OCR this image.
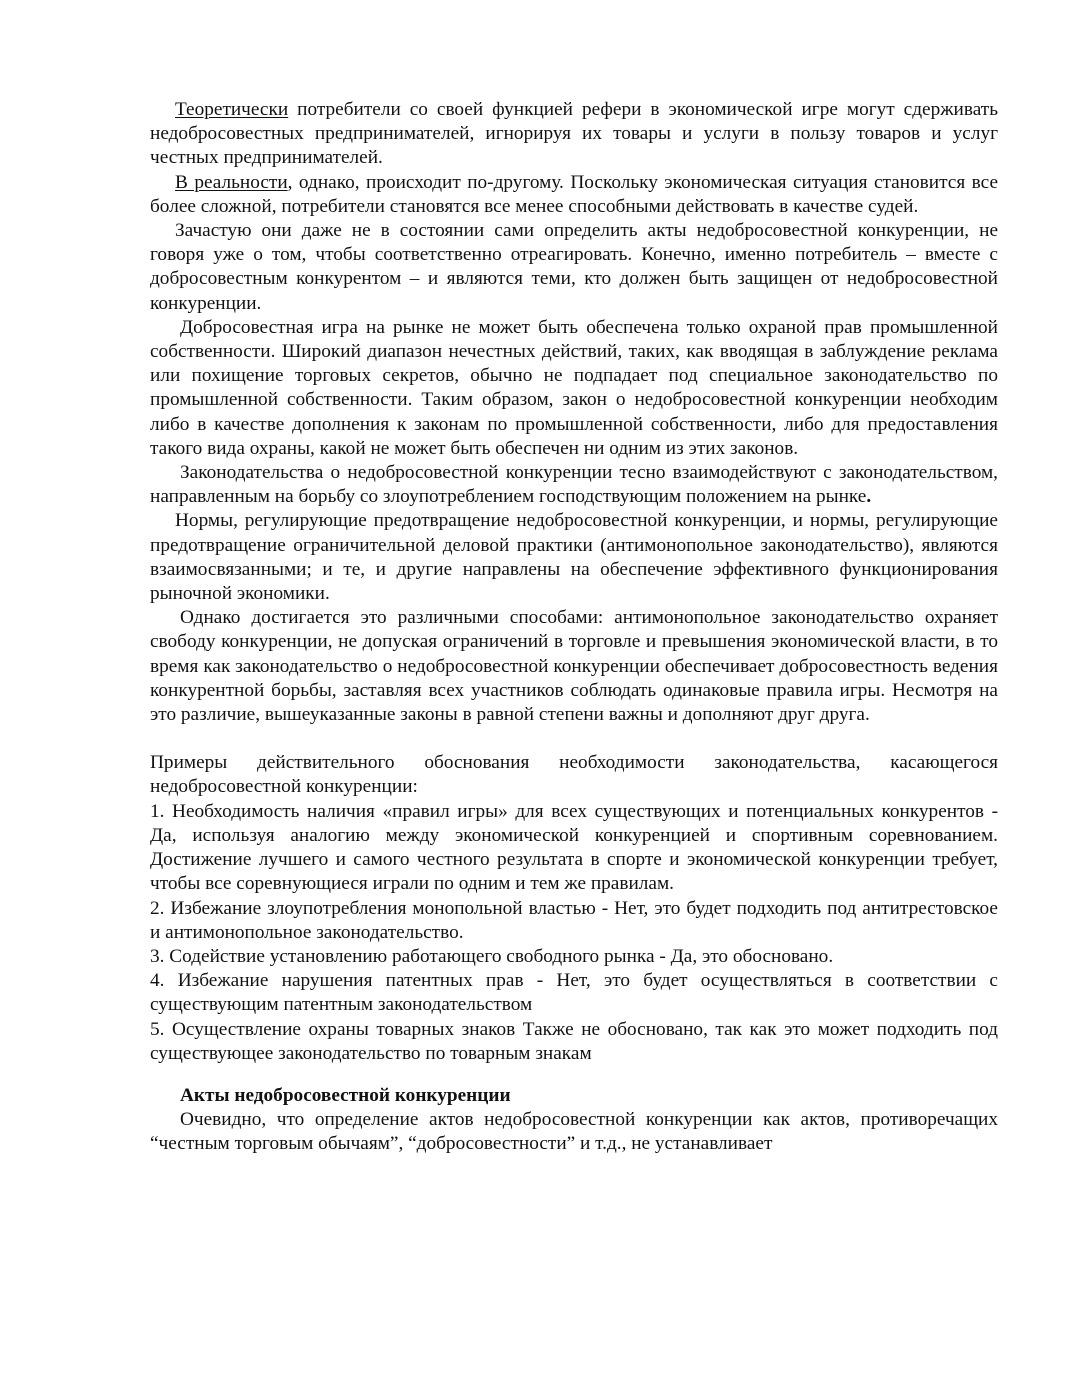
Теоретически потребители со своей функцией рефери в экономической игре могут сдерживать недобросовестных предпринимателей, игнорируя их товары и услуги в пользу товаров и услуг честных предпринимателей.

В реальности, однако, происходит по-другому. Поскольку экономическая ситуация становится все более сложной, потребители становятся все менее способными действовать в качестве судей.

Зачастую они даже не в состоянии сами определить акты недобросовестной конкуренции, не говоря уже о том, чтобы соответственно отреагировать. Конечно, именно потребитель – вместе с добросовестным конкурентом – и являются теми, кто должен быть защищен от недобросовестной конкуренции.

Добросовестная игра на рынке не может быть обеспечена только охраной прав промышленной собственности. Широкий диапазон нечестных действий, таких, как вводящая в заблуждение реклама или похищение торговых секретов, обычно не подпадает под специальное законодательство по промышленной собственности. Таким образом, закон о недобросовестной конкуренции необходим либо в качестве дополнения к законам по промышленной собственности, либо для предоставления такого вида охраны, какой не может быть обеспечен ни одним из этих законов.

Законодательства о недобросовестной конкуренции тесно взаимодействуют с законодательством, направленным на борьбу со злоупотреблением господствующим положением на рынке.

Нормы, регулирующие предотвращение недобросовестной конкуренции, и нормы, регулирующие предотвращение ограничительной деловой практики (антимонопольное законодательство), являются взаимосвязанными; и те, и другие направлены на обеспечение эффективного функционирования рыночной экономики.

Однако достигается это различными способами: антимонопольное законодательство охраняет свободу конкуренции, не допуская ограничений в торговле и превышения экономической власти, в то время как законодательство о недобросовестной конкуренции обеспечивает добросовестность ведения конкурентной борьбы, заставляя всех участников соблюдать одинаковые правила игры. Несмотря на это различие, вышеуказанные законы в равной степени важны и дополняют друг друга.

Примеры действительного обоснования необходимости законодательства, касающегося недобросовестной конкуренции:

1. Необходимость наличия «правил игры» для всех существующих и потенциальных конкурентов - Да, используя аналогию между экономической конкуренцией и спортивным соревнованием. Достижение лучшего и самого честного результата в спорте и экономической конкуренции требует, чтобы все соревнующиеся играли по одним и тем же правилам.

2. Избежание злоупотребления монопольной властью - Нет, это будет подходить под антитрестовское и антимонопольное законодательство.

3. Содействие установлению работающего свободного рынка - Да, это обосновано.

4. Избежание нарушения патентных прав - Нет, это будет осуществляться в соответствии с существующим патентным законодательством

5. Осуществление охраны товарных знаков Также не обосновано, так как это может подходить под существующее законодательство по товарным знакам

Акты недобросовестной конкуренции

Очевидно, что определение актов недобросовестной конкуренции как актов, противоречащих “честным торговым обычаям”, “добросовестности” и т.д., не устанавливает
